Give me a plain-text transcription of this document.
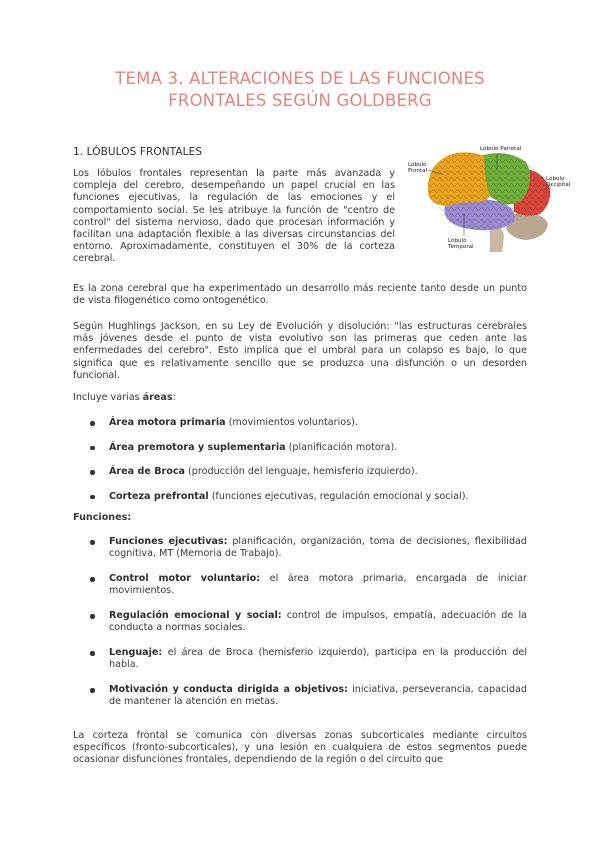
TEMA 3. ALTERACIONES DE LAS FUNCIONES
FRONTALES SEGÚN GOLDBERG
1. LÓBULOS FRONTALES

Los lóbulos frontales representan la parte más avanzada y compleja del cerebro, desempeñando un papel crucial en las funciones ejecutivas, la regulación de las emociones y el comportamiento social. Se les atribuye la función de "centro de control" del sistema nervioso, dado que procesan información y facilitan una adaptación flexible a las diversas circunstancias del entorno. Aproximadamente, constituyen el 30% de la corteza cerebral.

Lóbulo Parietal
Lóbulo
Frontal
Lóbulo
Occipital
Lóbulo
Temporal

Es la zona cerebral que ha experimentado un desarrollo más reciente tanto desde un punto de vista filogenético como ontogenético.

Según Hughlings Jackson, en su Ley de Evolución y disolución: "las estructuras cerebrales más jóvenes desde el punto de vista evolutivo son las primeras que ceden ante las enfermedades del cerebro". Esto implica que el umbral para un colapso es bajo, lo que significa que es relativamente sencillo que se produzca una disfunción o un desorden funcional.

Incluye varias áreas:

Área motora primaria (movimientos voluntarios).
Área premotora y suplementaria (planificación motora).
Área de Broca (producción del lenguaje, hemisferio izquierdo).
Corteza prefrontal (funciones ejecutivas, regulación emocional y social).

Funciones:

Funciones ejecutivas: planificación, organización, toma de decisiones, flexibilidad cognitiva, MT (Memoria de Trabajo).
Control motor voluntario: el área motora primaria, encargada de iniciar movimientos.
Regulación emocional y social: control de impulsos, empatía, adecuación de la conducta a normas sociales.
Lenguaje: el área de Broca (hemisferio izquierdo), participa en la producción del habla.
Motivación y conducta dirigida a objetivos: iniciativa, perseverancia, capacidad de mantener la atención en metas.

La corteza frontal se comunica con diversas zonas subcorticales mediante circuitos específicos (fronto-subcorticales), y una lesión en cualquiera de estos segmentos puede ocasionar disfunciones frontales, dependiendo de la región o del circuito que
